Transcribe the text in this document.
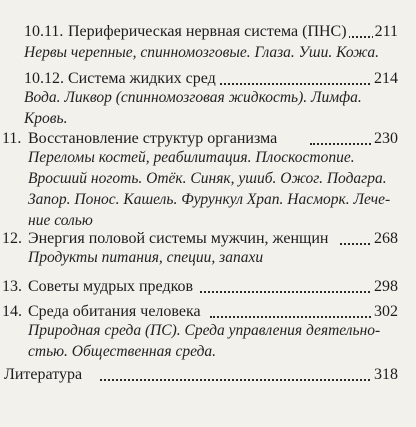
10.11. Периферическая нервная система (ПНС) 211
Нервы черепные, спинномозговые. Глаза. Уши. Кожа.
10.12. Система жидких сред	214
Вода. Ликвор (спинномозговая жидкость). Лимфа.
Кровь.
11. Восстановление структур организма	230
Переломы костей, реабилитация. Плоскостопие.
Вросший ноготь. Отёк. Синяк, ушиб. Ожог. Подагра.
Запор. Понос. Кашель. Фурункул Храп. Насморк. Лече-
ние солью
12. Энергия половой системы мужчин, женщин	268
Продукты питания, специи, запахи
13. Советы мудрых предков	298
14. Среда обитания человека	302
Природная среда (ПС). Среда управления деятельно-
стью. Общественная среда.
Литература	318
